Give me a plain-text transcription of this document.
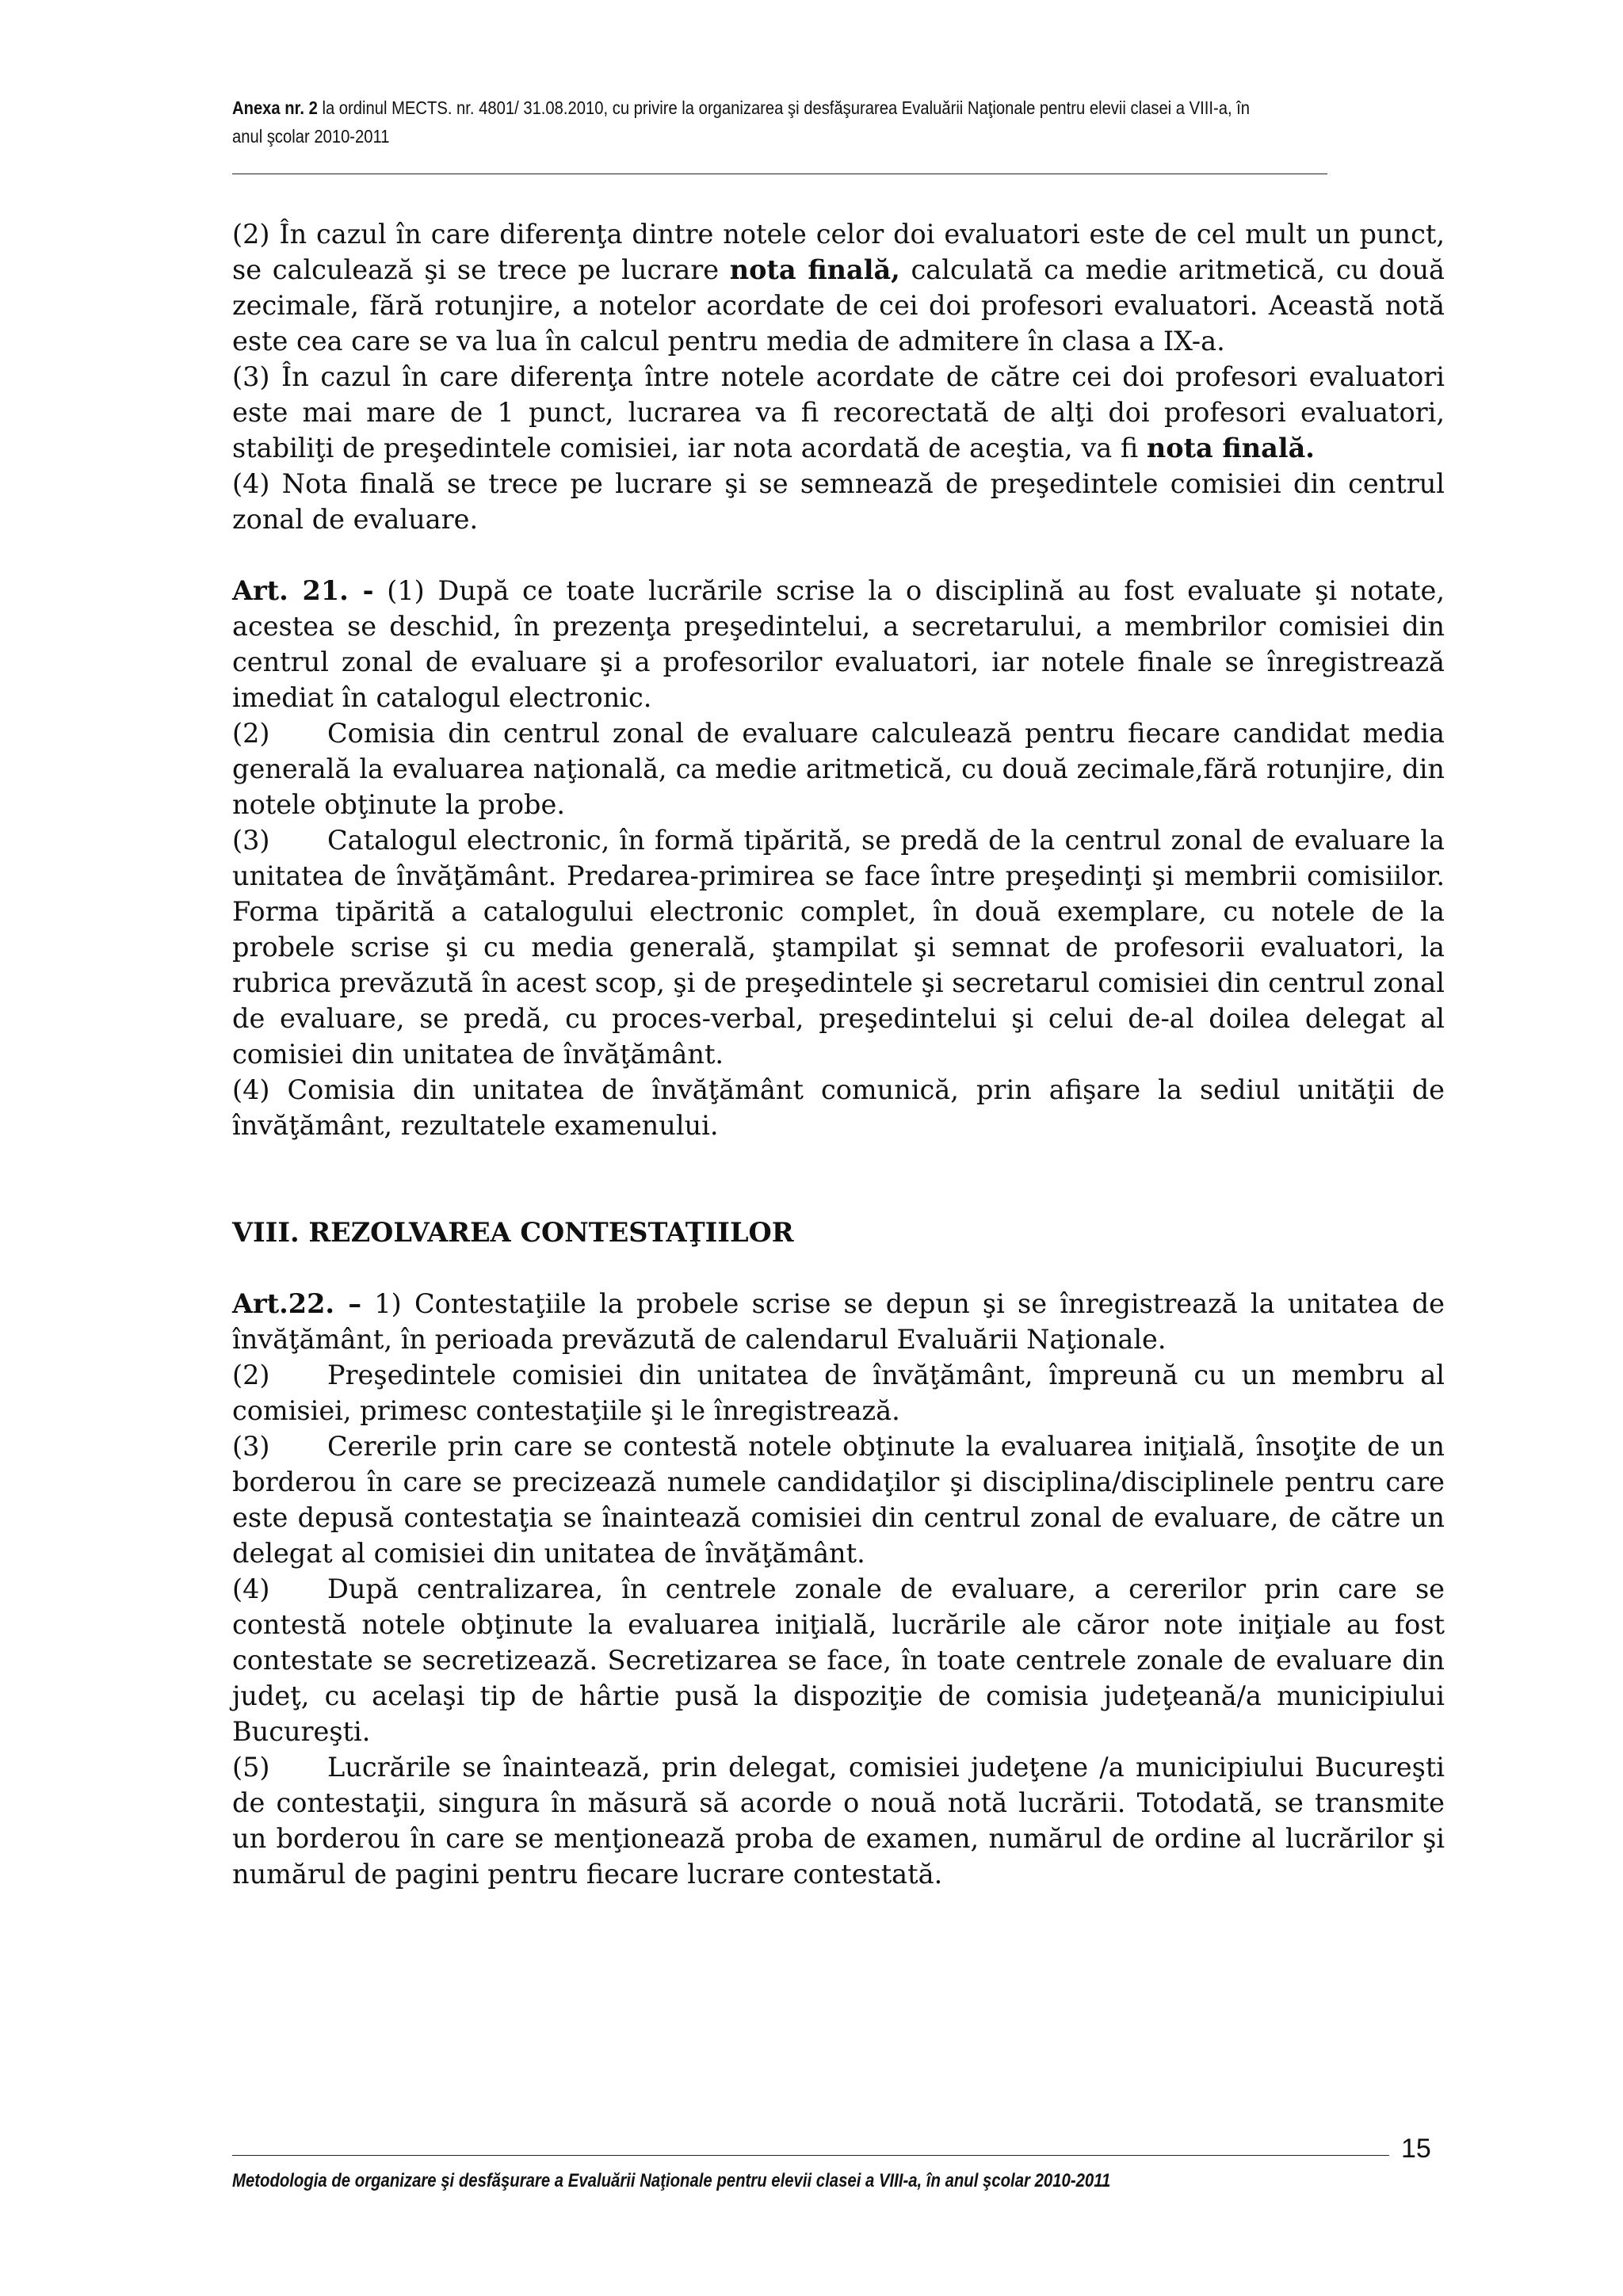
Anexa nr. 2 la ordinul MECTS. nr. 4801/ 31.08.2010, cu privire la organizarea şi desfăşurarea Evaluării Naţionale pentru elevii clasei a VIII-a, în
anul şcolar 2010-2011

(2) În cazul în care diferenţa dintre notele celor doi evaluatori este de cel mult un punct, se calculează şi se trece pe lucrare nota finală, calculată ca medie aritmetică, cu două zecimale, fără rotunjire, a notelor acordate de cei doi profesori evaluatori. Această notă este cea care se va lua în calcul pentru media de admitere în clasa a IX-a.

(3) În cazul în care diferenţa între notele acordate de către cei doi profesori evaluatori este mai mare de 1 punct, lucrarea va fi recorectată de alţi doi profesori evaluatori, stabiliţi de preşedintele comisiei, iar nota acordată de aceştia, va fi nota finală.

(4) Nota finală se trece pe lucrare şi se semnează de preşedintele comisiei din centrul zonal de evaluare.

Art. 21. - (1) După ce toate lucrările scrise la o disciplină au fost evaluate şi notate, acestea se deschid, în prezenţa preşedintelui, a secretarului, a membrilor comisiei din centrul zonal de evaluare şi a profesorilor evaluatori, iar notele finale se înregistrează imediat în catalogul electronic.

(2) Comisia din centrul zonal de evaluare calculează pentru fiecare candidat media generală la evaluarea naţională, ca medie aritmetică, cu două zecimale,fără rotunjire, din notele obţinute la probe.

(3) Catalogul electronic, în formă tipărită, se predă de la centrul zonal de evaluare la unitatea de învăţământ. Predarea-primirea se face între preşedinţi şi membrii comisiilor. Forma tipărită a catalogului electronic complet, în două exemplare, cu notele de la probele scrise şi cu media generală, ştampilat şi semnat de profesorii evaluatori, la rubrica prevăzută în acest scop, şi de preşedintele şi secretarul comisiei din centrul zonal de evaluare, se predă, cu proces-verbal, preşedintelui şi celui de-al doilea delegat al comisiei din unitatea de învăţământ.

(4) Comisia din unitatea de învăţământ comunică, prin afişare la sediul unităţii de învăţământ, rezultatele examenului.

VIII. REZOLVAREA CONTESTAŢIILOR

Art.22. – 1) Contestaţiile la probele scrise se depun şi se înregistrează la unitatea de învăţământ, în perioada prevăzută de calendarul Evaluării Naţionale.

(2) Preşedintele comisiei din unitatea de învăţământ, împreună cu un membru al comisiei, primesc contestaţiile şi le înregistrează.

(3) Cererile prin care se contestă notele obţinute la evaluarea iniţială, însoţite de un borderou în care se precizează numele candidaţilor şi disciplina/disciplinele pentru care este depusă contestaţia se înaintează comisiei din centrul zonal de evaluare, de către un delegat al comisiei din unitatea de învăţământ.

(4) După centralizarea, în centrele zonale de evaluare, a cererilor prin care se contestă notele obţinute la evaluarea iniţială, lucrările ale căror note iniţiale au fost contestate se secretizează. Secretizarea se face, în toate centrele zonale de evaluare din judeţ, cu acelaşi tip de hârtie pusă la dispoziţie de comisia judeţeană/a municipiului Bucureşti.

(5) Lucrările se înaintează, prin delegat, comisiei judeţene /a municipiului Bucureşti de contestaţii, singura în măsură să acorde o nouă notă lucrării. Totodată, se transmite un borderou în care se menţionează proba de examen, numărul de ordine al lucrărilor şi numărul de pagini pentru fiecare lucrare contestată.

15
Metodologia de organizare şi desfăşurare a Evaluării Naţionale pentru elevii clasei a VIII-a, în anul şcolar 2010-2011
